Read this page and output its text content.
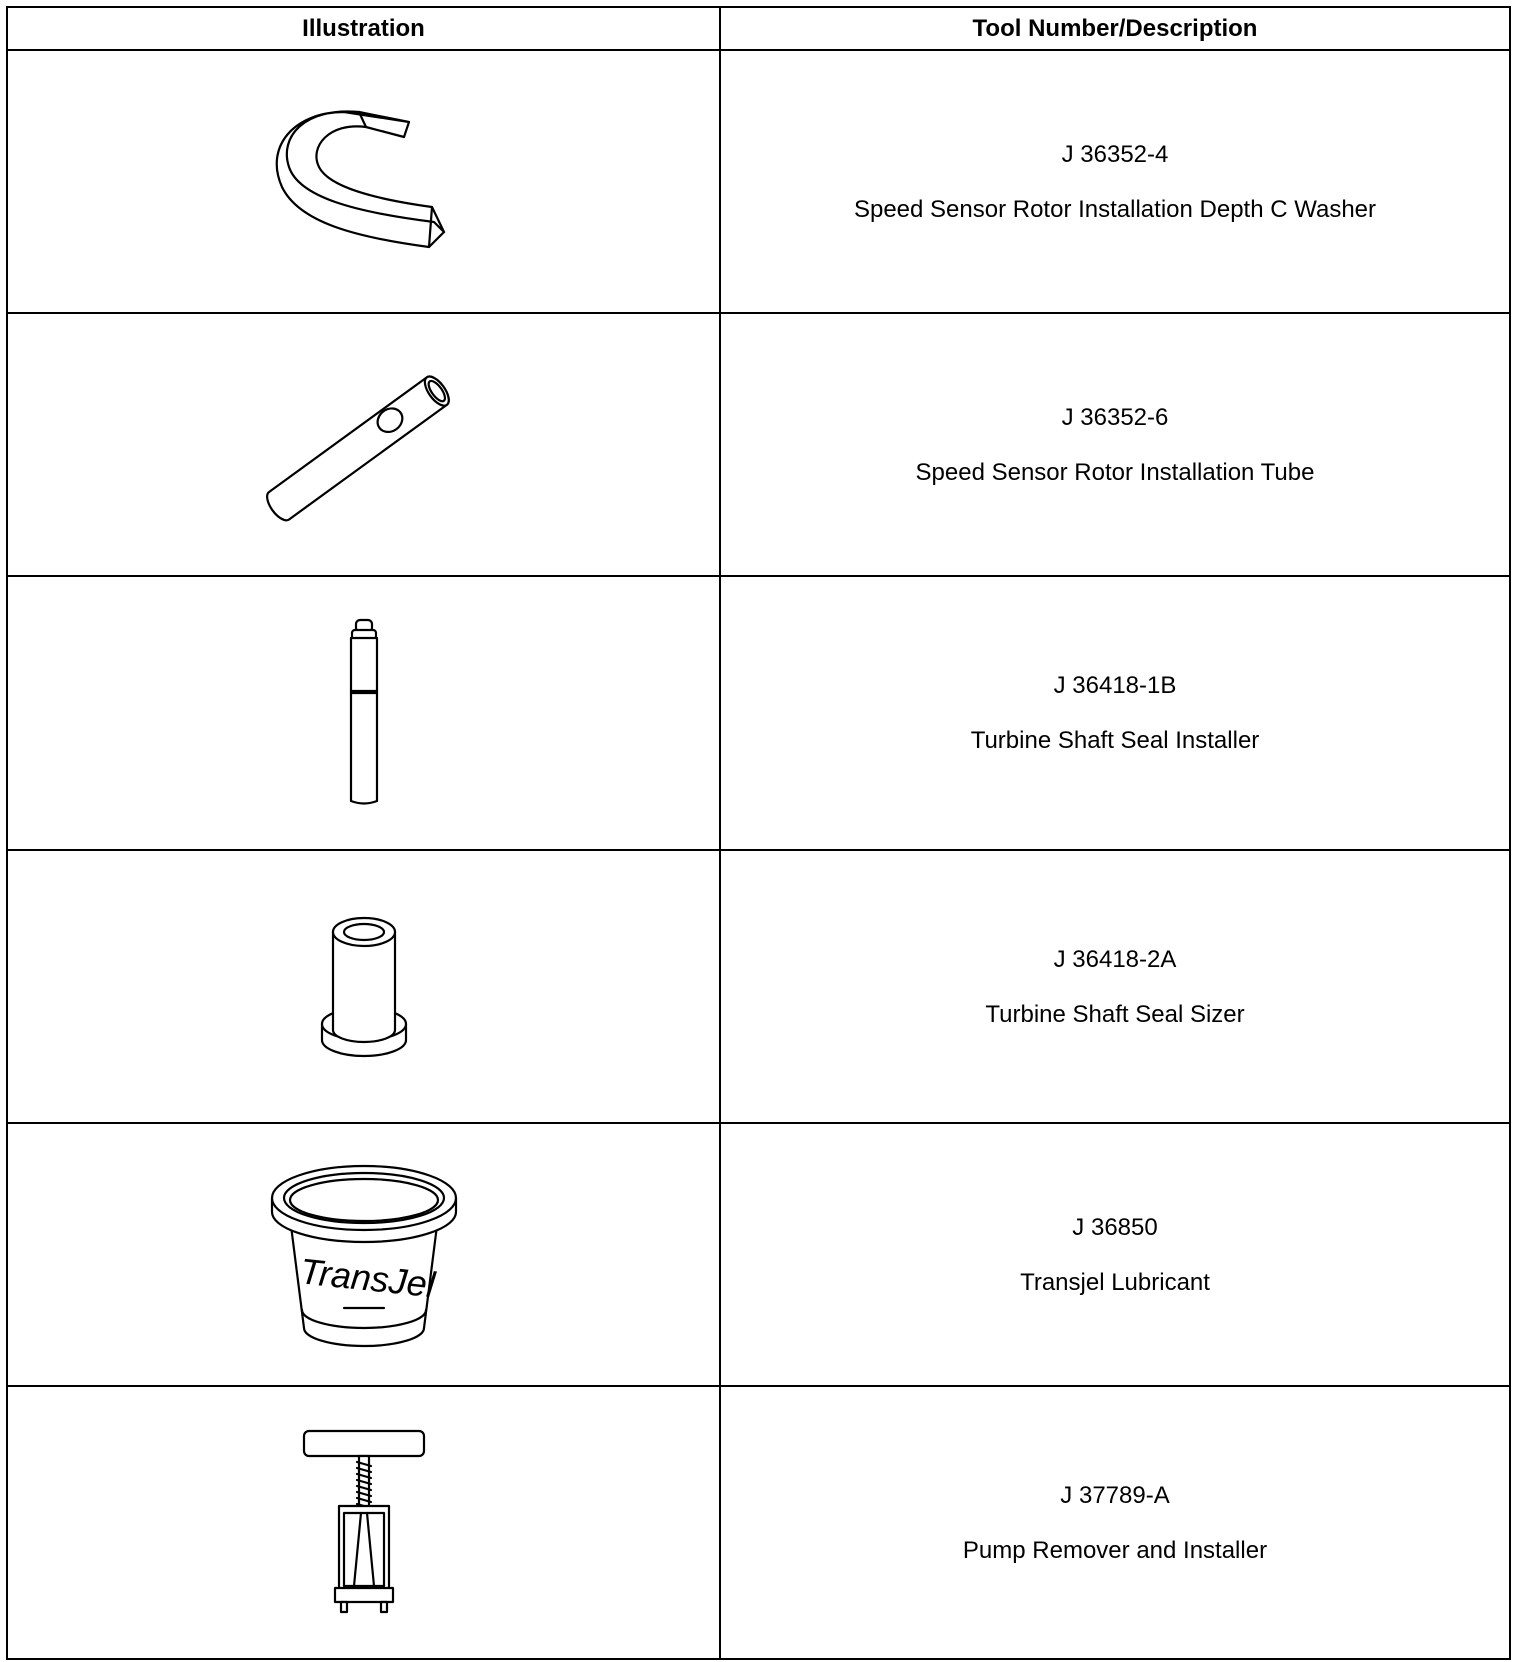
Illustration	Tool Number/Description

J 36352-4
Speed Sensor Rotor Installation Depth C Washer

J 36352-6
Speed Sensor Rotor Installation Tube

J 36418-1B
Turbine Shaft Seal Installer

J 36418-2A
Turbine Shaft Seal Sizer

TransJel	J 36850
Transjel Lubricant

J 37789-A
Pump Remover and Installer
